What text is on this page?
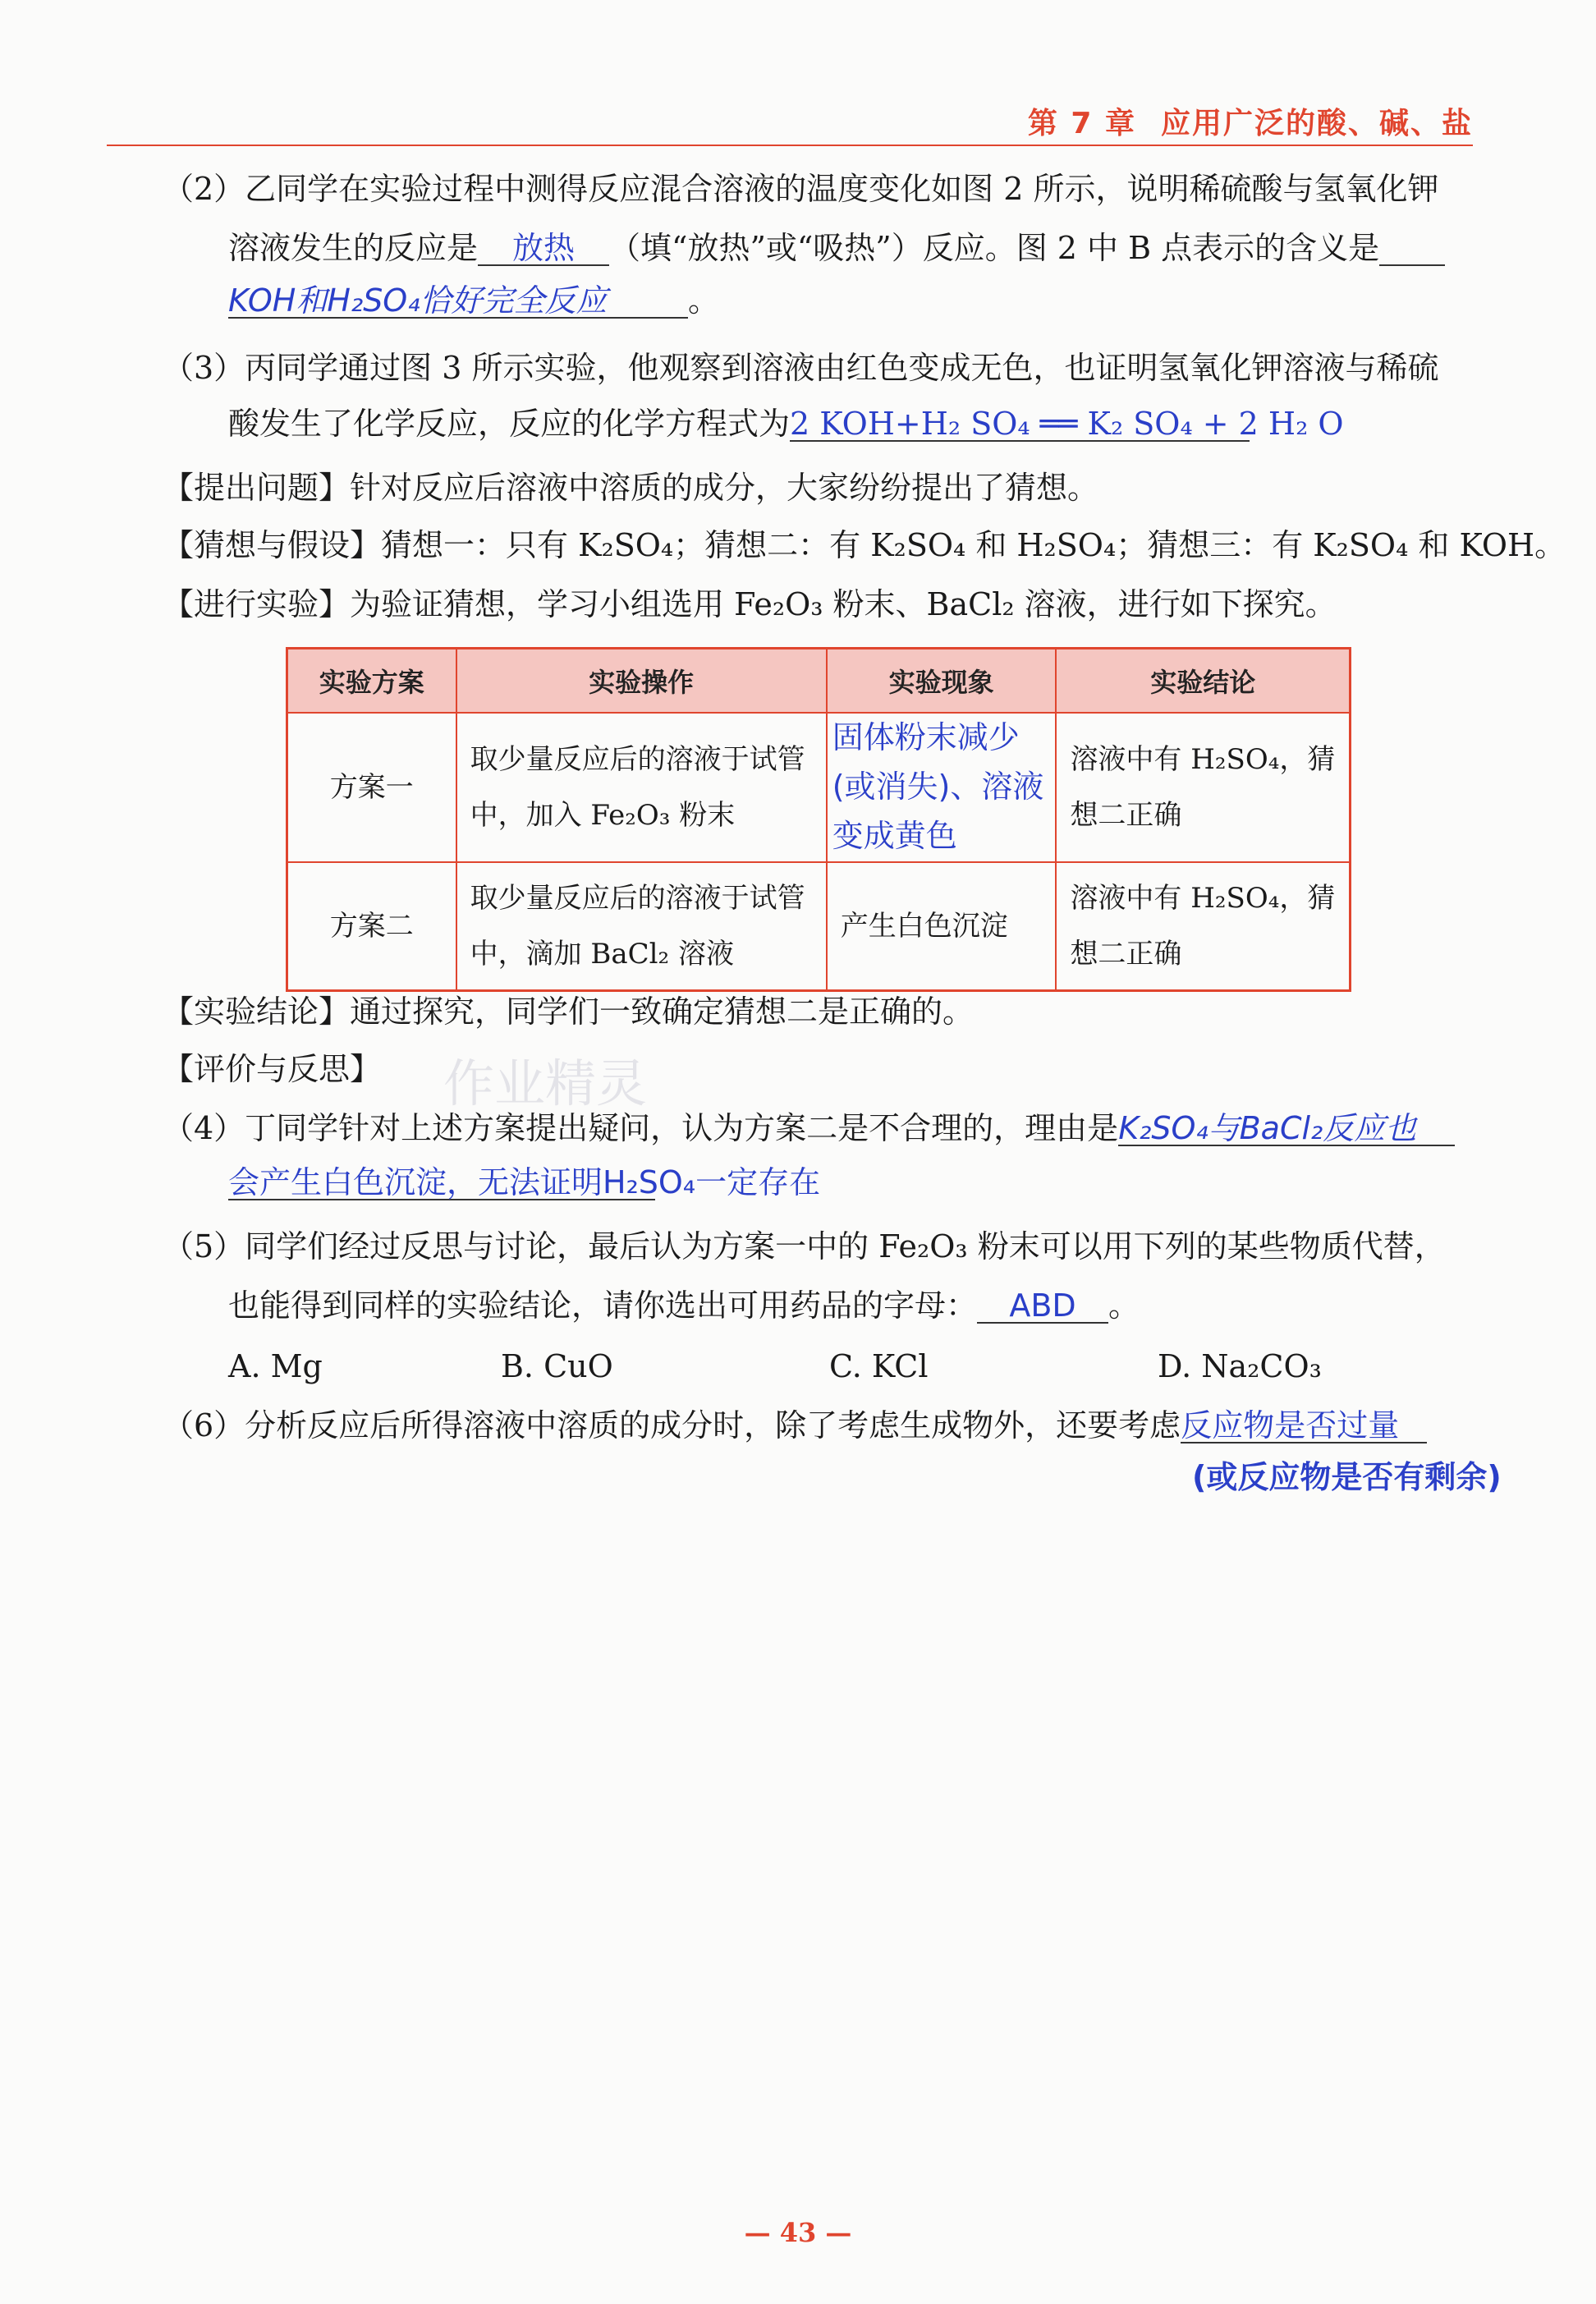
第 7 章 应用广泛的酸、碱、盐
（2）乙同学在实验过程中测得反应混合溶液的温度变化如图 2 所示，说明稀硫酸与氢氧化钾
溶液发生的反应是 放热 （填“放热”或“吸热”）反应。图 2 中 B 点表示的含义是
KOH和H₂SO₄恰好完全反应	。
（3）丙同学通过图 3 所示实验，他观察到溶液由红色变成无色，也证明氢氧化钾溶液与稀硫
酸发生了化学反应，反应的化学方程式为2 KOH+H₂ SO₄ ══ K₂ SO₄ + 2 H₂ O
【提出问题】针对反应后溶液中溶质的成分，大家纷纷提出了猜想。
【猜想与假设】猜想一：只有 K₂SO₄；猜想二：有 K₂SO₄ 和 H₂SO₄；猜想三：有 K₂SO₄ 和 KOH。
【进行实验】为验证猜想，学习小组选用 Fe₂O₃ 粉末、BaCl₂ 溶液，进行如下探究。
实验方案	实验操作	实验现象	实验结论
方案一	取少量反应后的溶液于试管中，加入 Fe₂O₃ 粉末	固体粉末减少(或消失)、溶液变成黄色	溶液中有 H₂SO₄，猜想二正确
方案二	取少量反应后的溶液于试管中，滴加 BaCl₂ 溶液	产生白色沉淀	溶液中有 H₂SO₄，猜想二正确
【实验结论】通过探究，同学们一致确定猜想二是正确的。
【评价与反思】 作业精灵
（4）丁同学针对上述方案提出疑问，认为方案二是不合理的，理由是K₂SO₄与BaCl₂反应也
会产生白色沉淀，无法证明H₂SO₄一定存在
（5）同学们经过反思与讨论，最后认为方案一中的 Fe₂O₃ 粉末可以用下列的某些物质代替，
也能得到同样的实验结论，请你选出可用药品的字母： ABD 。
A. Mg	B. CuO	C. KCl	D. Na₂CO₃
（6）分析反应后所得溶液中溶质的成分时，除了考虑生成物外，还要考虑反应物是否过量
(或反应物是否有剩余)
— 43 —
